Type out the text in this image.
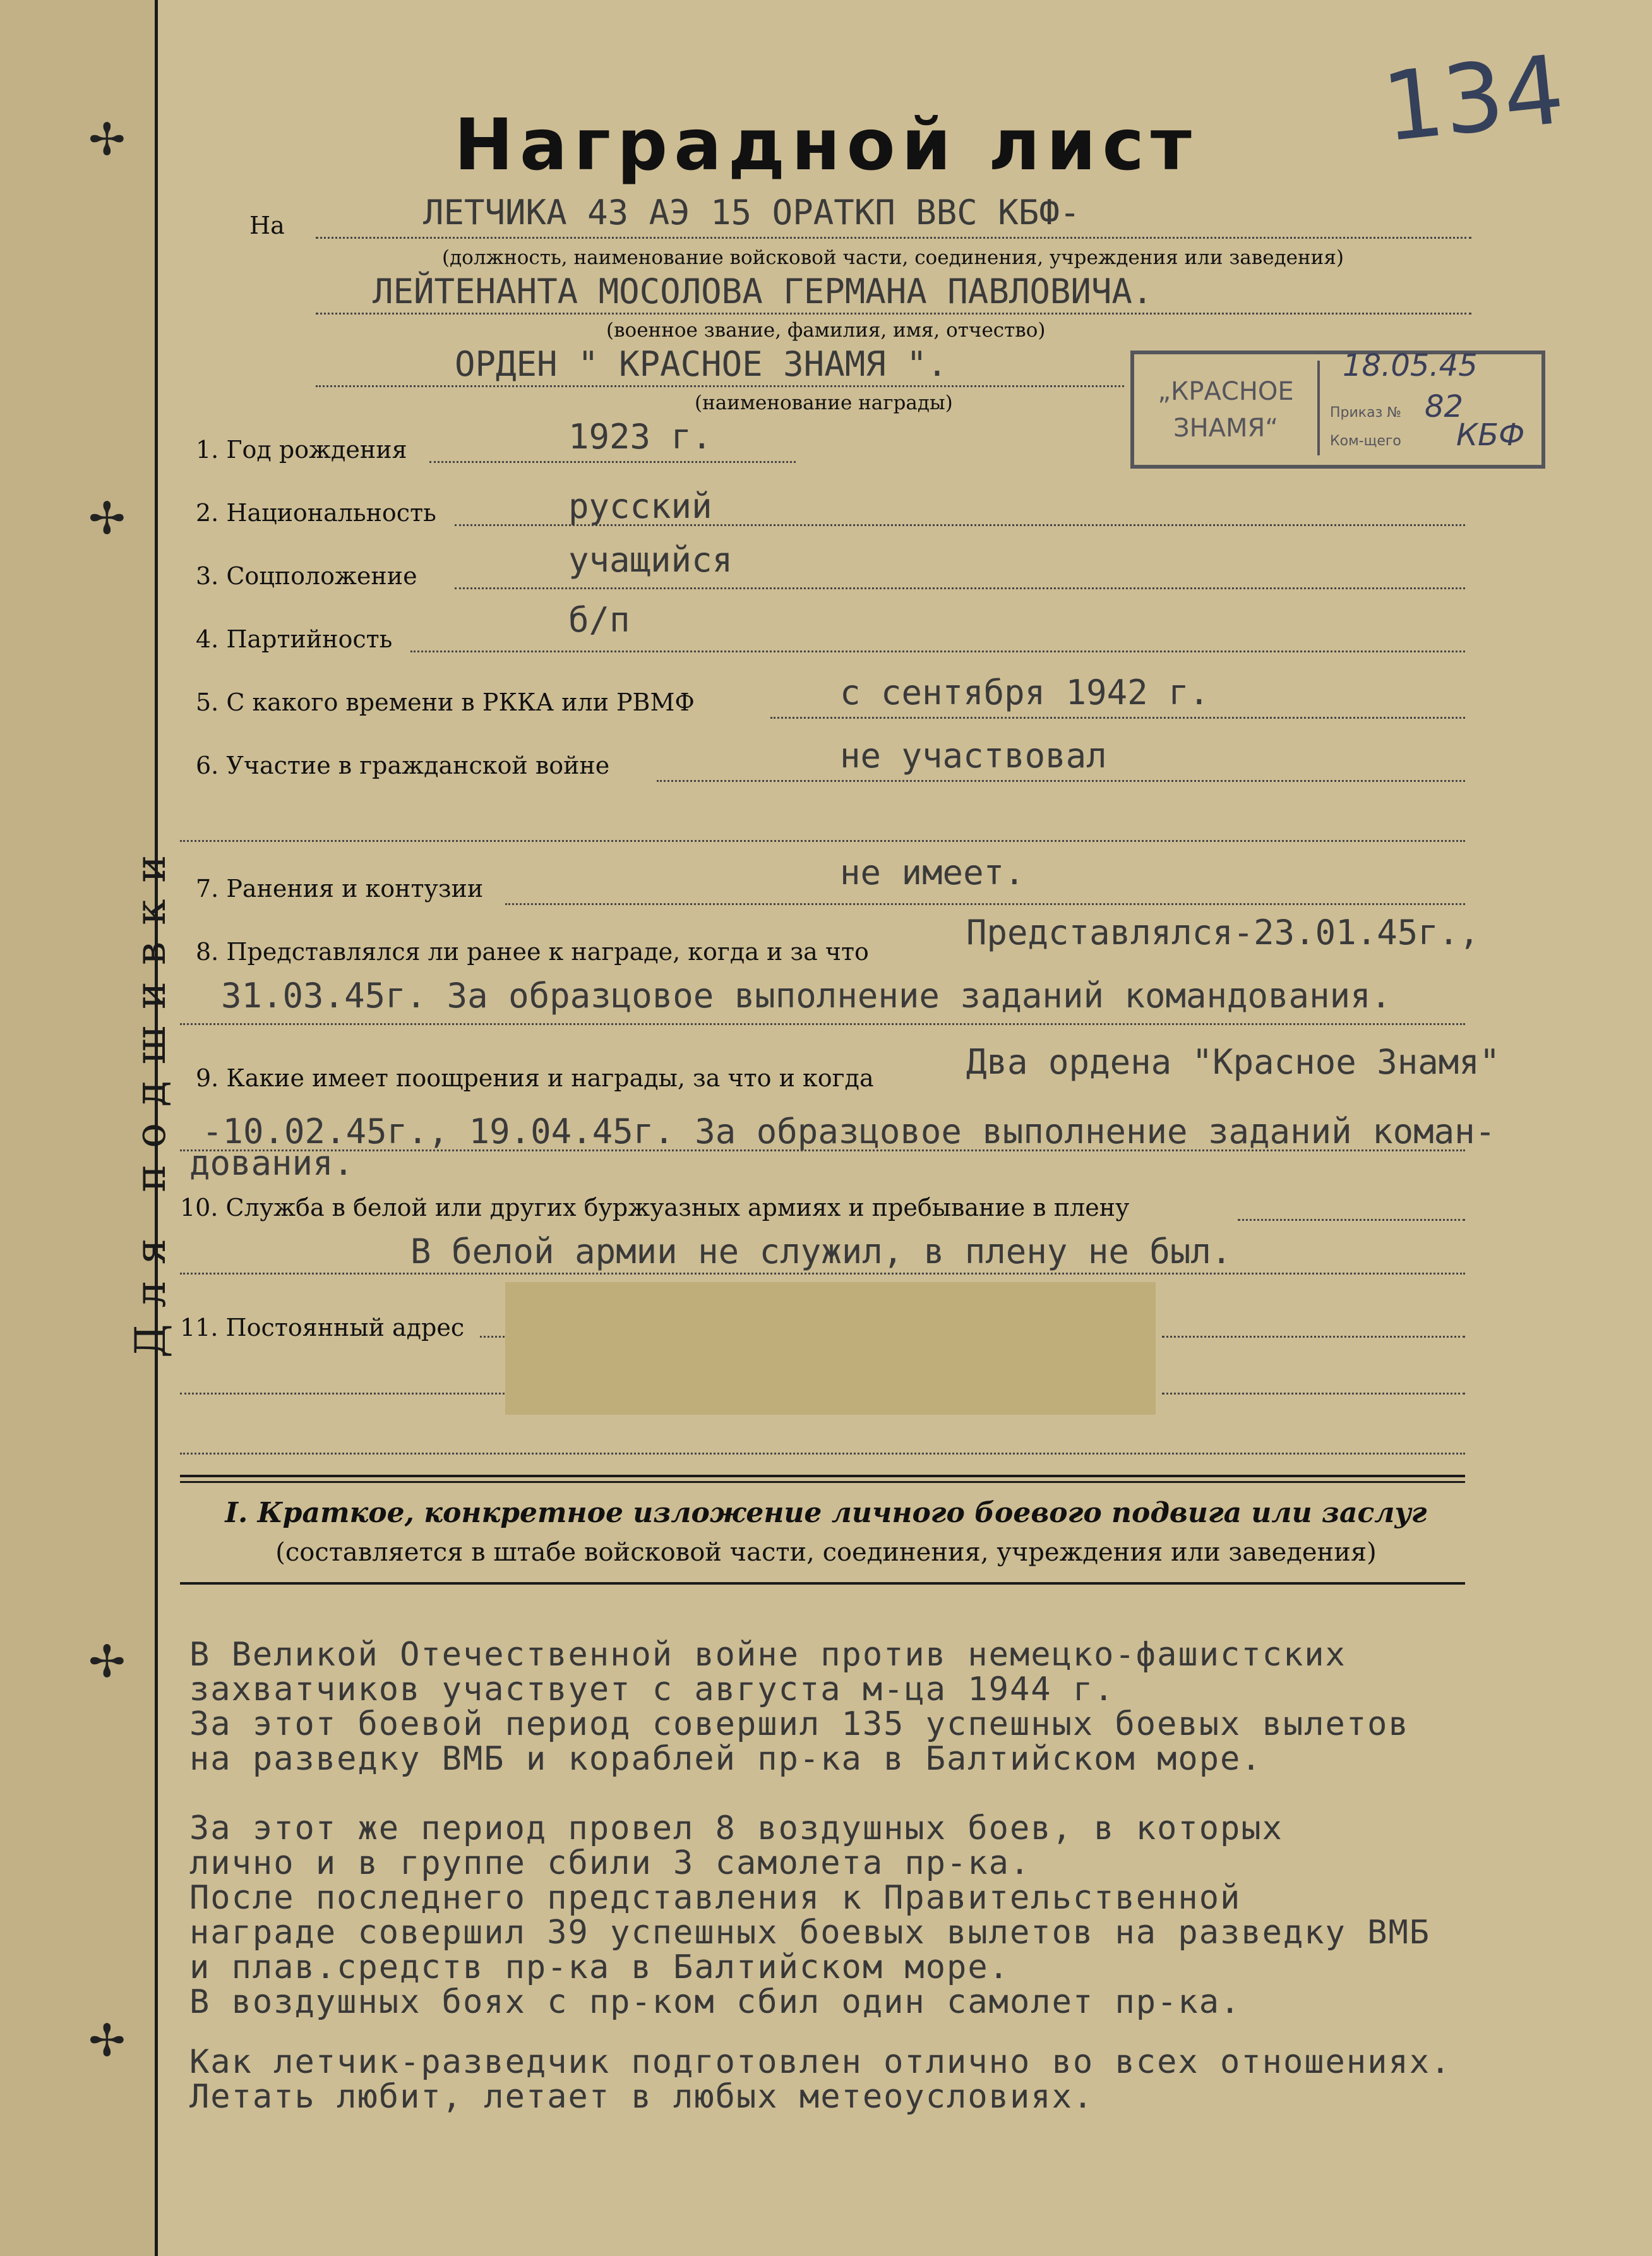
Для подшивки
✢
✢
✢
✢
134
Наградной лист
На	ЛЕТЧИКА 43 АЭ 15 ОРАТКП ВВС КБФ-
(должность, наименование войсковой части, соединения, учреждения или заведения)
ЛЕЙТЕНАНТА МОСОЛОВА ГЕРМАНА ПАВЛОВИЧА.
(военное звание, фамилия, имя, отчество)
ОРДЕН " КРАСНОЕ ЗНАМЯ ".
(наименование награды)	„КРАСНОЕ ЗНАМЯ“
18.05.45
Приказ № 82
Ком-щего КБФ
1. Год рождения	1923 г.
2. Национальность	русский
3. Соцположение	учащийся
4. Партийность	б/п
5. С какого времени в РККА или РВМФ	с сентября 1942 г.
6. Участие в гражданской войне	не участвовал
7. Ранения и контузии	не имеет.
8. Представлялся ли ранее к награде, когда и за что	Представлялся-23.01.45г.,
31.03.45г. За образцовое выполнение заданий командования.
9. Какие имеет поощрения и награды, за что и когда	Два ордена "Красное Знамя"
-10.02.45г., 19.04.45г. За образцовое выполнение заданий коман-
дования.
10. Служба в белой или других буржуазных армиях и пребывание в плену
В белой армии не служил, в плену не был.
11. Постоянный адрес
I. Краткое, конкретное изложение личного боевого подвига или заслуг
(составляется в штабе войсковой части, соединения, учреждения или заведения)
В Великой Отечественной войне против немецко-фашистских
захватчиков участвует с августа м-ца 1944 г.
За этот боевой период совершил 135 успешных боевых вылетов
на разведку ВМБ и кораблей пр-ка в Балтийском море.
За этот же период провел 8 воздушных боев, в которых
лично и в группе сбили 3 самолета пр-ка.
После последнего представления к Правительственной
награде совершил 39 успешных боевых вылетов на разведку ВМБ
и плав.средств пр-ка в Балтийском море.
В воздушных боях с пр-ком сбил один самолет пр-ка.
Как летчик-разведчик подготовлен отлично во всех отношениях.
Летать любит, летает в любых метеоусловиях.
